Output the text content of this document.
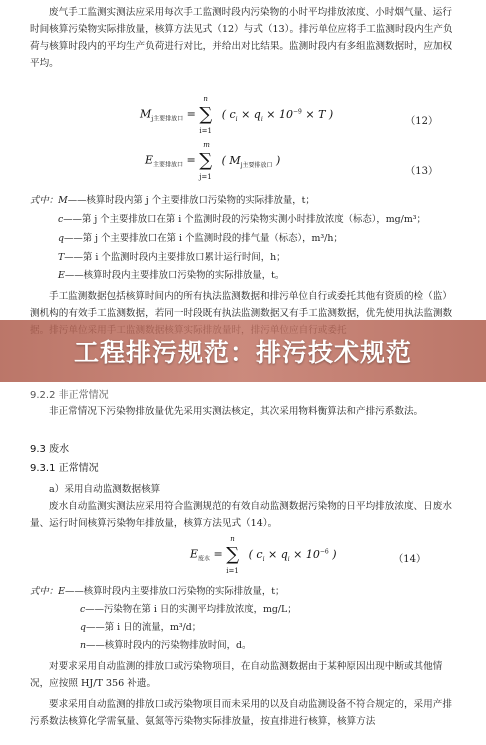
废气手工监测实测法应采用每次手工监测时段内污染物的小时平均排放浓度、小时烟气量、运行时间核算污染物实际排放量，核算方法见式（12）与式（13）。排污单位应将手工监测时段内生产负荷与核算时段内的平均生产负荷进行对比，并给出对比结果。监测时段内有多组监测数据时，应加权平均。

$M_{j主要排放口}$ = ∑
n
i=1
( $c_i \times q_i \times 10^{-9} \times T$ )
（12）
$E_{主要排放口}$ = ∑
m
j=1
( $M_{j主要排放口}$ )
（13）
式中：M——核算时段内第 j 个主要排放口污染物的实际排放量，t；
c——第 j 个主要排放口在第 i 个监测时段的污染物实测小时排放浓度（标态），mg/m³；
q——第 j 个主要排放口在第 i 个监测时段的排气量（标态），m³/h；
T——第 i 个监测时段内主要排放口累计运行时间，h；
E——核算时段内主要排放口污染物的实际排放量，t。

手工监测数据包括核算时间内的所有执法监测数据和排污单位自行或委托其他有资质的检（监）测机构的有效手工监测数据，若同一时段既有执法监测数据又有手工监测数据，优先使用执法监测数

工程排污规范：排污技术规范
9.2.2 非正常情况

非正常情况下污染物排放量优先采用实测法核定，其次采用物料衡算法和产排污系数法。

9.3 废水
9.3.1 正常情况

a）采用自动监测数据核算

废水自动监测实测法应采用符合监测规范的有效自动监测数据污染物的日平均排放浓度、日废水量、运行时间核算污染物年排放量，核算方法见式（14）。

$E_{废水}$ = ∑
n
i=1
( $c_i \times q_i \times 10^{-6}$ )	（14）
式中：E——核算时段内主要排放口污染物的实际排放量，t；
c——污染物在第 i 日的实测平均排放浓度，mg/L；
q——第 i 日的流量，m³/d；
n——核算时段内的污染物排放时间，d。

对要求采用自动监测的排放口或污染物项目，在自动监测数据由于某种原因出现中断或其他情况，应按照 HJ/T 356 补遗。

要求采用自动监测的排放口或污染物项目而未采用的以及自动监测设备不符合规定的，采用产排污系数法核算化学需氧量、氨氮等污染物实际排放量，按直排进行核算，核算方法
